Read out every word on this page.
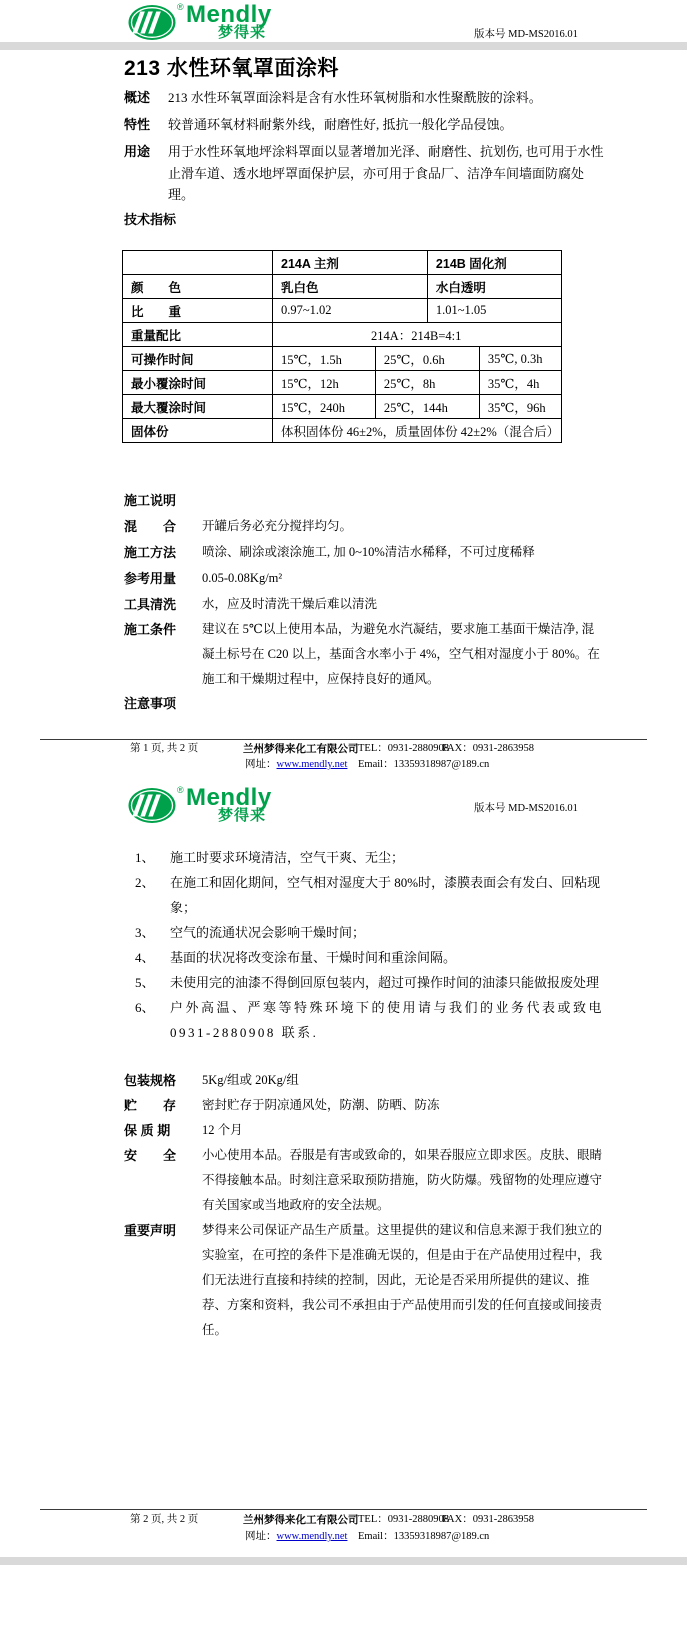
® Mendly
梦得来	版本号 MD-MS2016.01
213 水性环氧罩面涂料
概述	213 水性环氧罩面涂料是含有水性环氧树脂和水性聚酰胺的涂料。
特性	较普通环氧材料耐紫外线，耐磨性好, 抵抗一般化学品侵蚀。
用途	用于水性环氧地坪涂料罩面以显著增加光泽、耐磨性、抗划伤, 也可用于水性止滑车道、透水地坪罩面保护层，亦可用于食品厂、洁净车间墙面防腐处理。
技术指标
	214A 主剂		214B 固化剂	
颜　　色	乳白色		水白透明	
比　　重	0.97~1.02		1.01~1.05	
重量配比	214A：214B=4:1			
可操作时间	15℃，1.5h	25℃，0.6h		35℃, 0.3h
最小覆涂时间	15℃，12h	25℃，8h		35℃，4h
最大覆涂时间	15℃，240h	25℃，144h		35℃，96h
固体份	体积固体份 46±2%，质量固体份 42±2%（混合后）			
施工说明
混　　合	开罐后务必充分搅拌均匀。
施工方法	喷涂、刷涂或滚涂施工, 加 0~10%清洁水稀释，不可过度稀释
参考用量	0.05-0.08Kg/m²
工具清洗	水，应及时清洗干燥后难以清洗
施工条件	建议在 5℃以上使用本品，为避免水汽凝结，要求施工基面干燥洁净, 混凝土标号在 C20 以上，基面含水率小于 4%，空气相对湿度小于 80%。在施工和干燥期过程中，应保持良好的通风。
注意事项
第 1 页, 共 2 页	兰州梦得来化工有限公司 TEL：0931-2880908
FAX：0931-2863958
网址：www.mendly.net Email：13359318987@189.cn
® Mendly
梦得来	版本号 MD-MS2016.01
1、	施工时要求环境清洁，空气干爽、无尘；
2、	在施工和固化期间，空气相对湿度大于 80%时，漆膜表面会有发白、回粘现象；
3、	空气的流通状况会影响干燥时间；
4、	基面的状况将改变涂布量、干燥时间和重涂间隔。
5、	未使用完的油漆不得倒回原包装内，超过可操作时间的油漆只能做报废处理
6、	户外高温、严寒等特殊环境下的使用请与我们的业务代表或致电 0931-2880908 联系.
包装规格	5Kg/组或 20Kg/组
贮　　存	密封贮存于阴凉通风处，防潮、防晒、防冻
保 质 期	12 个月
安　　全	小心使用本品。吞服是有害或致命的，如果吞服应立即求医。皮肤、眼睛不得接触本品。时刻注意采取预防措施，防火防爆。残留物的处理应遵守有关国家或当地政府的安全法规。
重要声明	梦得来公司保证产品生产质量。这里提供的建议和信息来源于我们独立的实验室，在可控的条件下是准确无误的，但是由于在产品使用过程中，我们无法进行直接和持续的控制，因此，无论是否采用所提供的建议、推荐、方案和资料，我公司不承担由于产品使用而引发的任何直接或间接责任。
第 2 页, 共 2 页	兰州梦得来化工有限公司 TEL：0931-2880908
FAX：0931-2863958
网址：www.mendly.net Email：13359318987@189.cn
